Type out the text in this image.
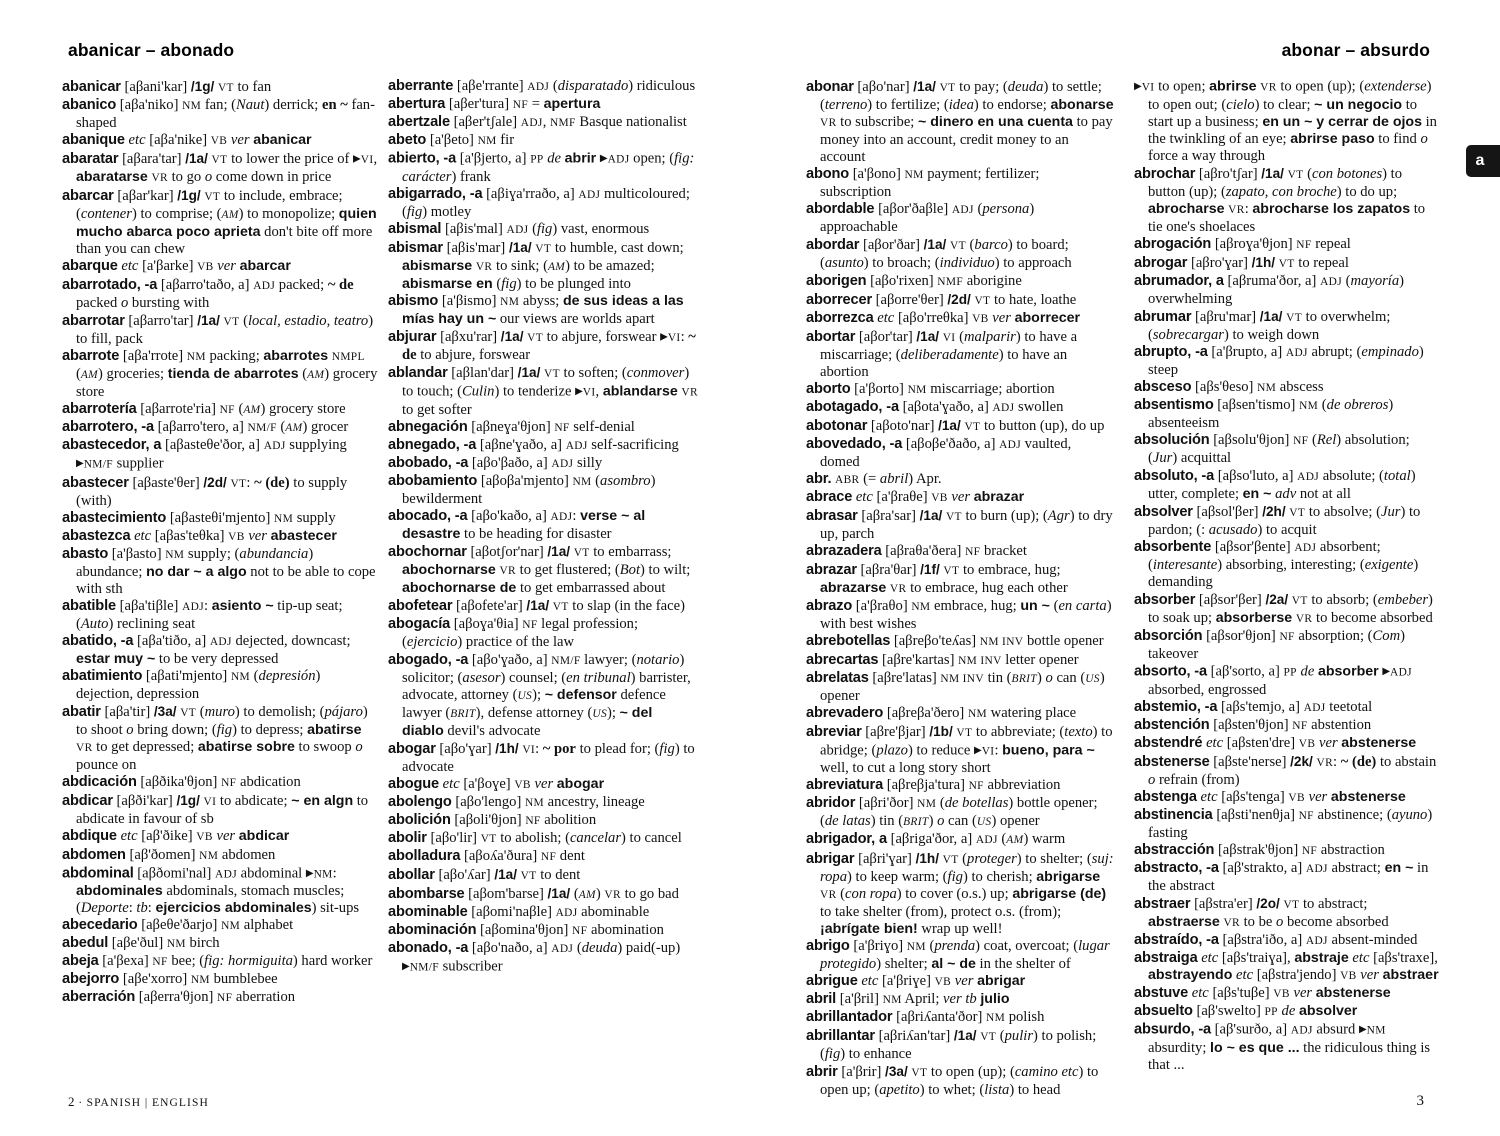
abanicar – abonado	abonar – absurdo
a

abanicar [aβani'kar] /1g/ VT to fan

abanico [aβa'niko] NM fan; (Naut) derrick; en ~ fan-shaped

abanique etc [aβa'nike] VB ver abanicar

abaratar [aβara'tar] /1a/ VT to lower the price of ▶VI, abaratarse VR to go o come down in price

abarcar [aβar'kar] /1g/ VT to include, embrace; (contener) to comprise; (AM) to monopolize; quien mucho abarca poco aprieta don't bite off more than you can chew

abarque etc [a'βarke] VB ver abarcar

abarrotado, -a [aβarro'taðo, a] ADJ packed; ~ de packed o bursting with

abarrotar [aβarro'tar] /1a/ VT (local, estadio, teatro) to fill, pack

abarrote [aβa'rrote] NM packing; abarrotes NMPL (AM) groceries; tienda de abarrotes (AM) grocery store

abarrotería [aβarrote'ria] NF (AM) grocery store

abarrotero, -a [aβarro'tero, a] NM/F (AM) grocer

abastecedor, a [aβasteθe'ðor, a] ADJ supplying ▶NM/F supplier

abastecer [aβaste'θer] /2d/ VT: ~ (de) to supply (with)

abastecimiento [aβasteθi'mjento] NM supply

abastezca etc [aβas'teθka] VB ver abastecer

abasto [a'βasto] NM supply; (abundancia) abundance; no dar ~ a algo not to be able to cope with sth

abatible [aβa'tiβle] ADJ: asiento ~ tip-up seat; (Auto) reclining seat

abatido, -a [aβa'tiðo, a] ADJ dejected, downcast; estar muy ~ to be very depressed

abatimiento [aβati'mjento] NM (depresión) dejection, depression

abatir [aβa'tir] /3a/ VT (muro) to demolish; (pájaro) to shoot o bring down; (fig) to depress; abatirse VR to get depressed; abatirse sobre to swoop o pounce on

abdicación [aβðika'θjon] NF abdication

abdicar [aβði'kar] /1g/ VI to abdicate; ~ en algn to abdicate in favour of sb

abdique etc [aβ'ðike] VB ver abdicar

abdomen [aβ'ðomen] NM abdomen

abdominal [aβðomi'nal] ADJ abdominal ▶NM: abdominales abdominals, stomach muscles; (Deporte: tb: ejercicios abdominales) sit-ups

abecedario [aβeθe'ðarjo] NM alphabet

abedul [aβe'ðul] NM birch

abeja [a'βexa] NF bee; (fig: hormiguita) hard worker

abejorro [aβe'xorro] NM bumblebee

aberración [aβerra'θjon] NF aberration

aberrante [aβe'rrante] ADJ (disparatado) ridiculous

abertura [aβer'tura] NF = apertura

abertzale [aβer'tʃale] ADJ, NMF Basque nationalist

abeto [a'βeto] NM fir

abierto, -a [a'βjerto, a] PP de abrir ▶ADJ open; (fig: carácter) frank

abigarrado, -a [aβiɣa'rraðo, a] ADJ multicoloured; (fig) motley

abismal [aβis'mal] ADJ (fig) vast, enormous

abismar [aβis'mar] /1a/ VT to humble, cast down; abismarse VR to sink; (AM) to be amazed; abismarse en (fig) to be plunged into

abismo [a'βismo] NM abyss; de sus ideas a las mías hay un ~ our views are worlds apart

abjurar [aβxu'rar] /1a/ VT to abjure, forswear ▶VI: ~ de to abjure, forswear

ablandar [aβlan'dar] /1a/ VT to soften; (conmover) to touch; (Culin) to tenderize ▶VI, ablandarse VR to get softer

abnegación [aβneɣa'θjon] NF self-denial

abnegado, -a [aβne'ɣaðo, a] ADJ self-sacrificing

abobado, -a [aβo'βaðo, a] ADJ silly

abobamiento [aβoβa'mjento] NM (asombro) bewilderment

abocado, -a [aβo'kaðo, a] ADJ: verse ~ al desastre to be heading for disaster

abochornar [aβotʃor'nar] /1a/ VT to embarrass; abochornarse VR to get flustered; (Bot) to wilt; abochornarse de to get embarrassed about

abofetear [aβofete'ar] /1a/ VT to slap (in the face)

abogacía [aβoɣa'θia] NF legal profession; (ejercicio) practice of the law

abogado, -a [aβo'ɣaðo, a] NM/F lawyer; (notario) solicitor; (asesor) counsel; (en tribunal) barrister, advocate, attorney (US); ~ defensor defence lawyer (BRIT), defense attorney (US); ~ del diablo devil's advocate

abogar [aβo'ɣar] /1h/ VI: ~ por to plead for; (fig) to advocate

abogue etc [a'βoɣe] VB ver abogar

abolengo [aβo'lengo] NM ancestry, lineage

abolición [aβoli'θjon] NF abolition

abolir [aβo'lir] VT to abolish; (cancelar) to cancel

abolladura [aβoʎa'ðura] NF dent

abollar [aβo'ʎar] /1a/ VT to dent

abombarse [aβom'barse] /1a/ (AM) VR to go bad

abominable [aβomi'naβle] ADJ abominable

abominación [aβomina'θjon] NF abomination

abonado, -a [aβo'naðo, a] ADJ (deuda) paid(-up) ▶NM/F subscriber

abonar [aβo'nar] /1a/ VT to pay; (deuda) to settle; (terreno) to fertilize; (idea) to endorse; abonarse VR to subscribe; ~ dinero en una cuenta to pay money into an account, credit money to an account

abono [a'βono] NM payment; fertilizer; subscription

abordable [aβor'ðaβle] ADJ (persona) approachable

abordar [aβor'ðar] /1a/ VT (barco) to board; (asunto) to broach; (individuo) to approach

aborigen [aβo'rixen] NMF aborigine

aborrecer [aβorre'θer] /2d/ VT to hate, loathe

aborrezca etc [aβo'rreθka] VB ver aborrecer

abortar [aβor'tar] /1a/ VI (malparir) to have a miscarriage; (deliberadamente) to have an abortion

aborto [a'βorto] NM miscarriage; abortion

abotagado, -a [aβota'ɣaðo, a] ADJ swollen

abotonar [aβoto'nar] /1a/ VT to button (up), do up

abovedado, -a [aβoβe'ðaðo, a] ADJ vaulted, domed

abr. ABR (= abril) Apr.

abrace etc [a'βraθe] VB ver abrazar

abrasar [aβra'sar] /1a/ VT to burn (up); (Agr) to dry up, parch

abrazadera [aβraθa'ðera] NF bracket

abrazar [aβra'θar] /1f/ VT to embrace, hug; abrazarse VR to embrace, hug each other

abrazo [a'βraθo] NM embrace, hug; un ~ (en carta) with best wishes

abrebotellas [aβreβo'teʎas] NM INV bottle opener

abrecartas [aβre'kartas] NM INV letter opener

abrelatas [aβre'latas] NM INV tin (BRIT) o can (US) opener

abrevadero [aβreβa'ðero] NM watering place

abreviar [aβre'βjar] /1b/ VT to abbreviate; (texto) to abridge; (plazo) to reduce ▶VI: bueno, para ~ well, to cut a long story short

abreviatura [aβreβja'tura] NF abbreviation

abridor [aβri'ðor] NM (de botellas) bottle opener; (de latas) tin (BRIT) o can (US) opener

abrigador, a [aβriga'ðor, a] ADJ (AM) warm

abrigar [aβri'ɣar] /1h/ VT (proteger) to shelter; (suj: ropa) to keep warm; (fig) to cherish; abrigarse VR (con ropa) to cover (o.s.) up; abrigarse (de) to take shelter (from), protect o.s. (from); ¡abrígate bien! wrap up well!

abrigo [a'βriɣo] NM (prenda) coat, overcoat; (lugar protegido) shelter; al ~ de in the shelter of

abrigue etc [a'βriɣe] VB ver abrigar

abril [a'βril] NM April; ver tb julio

abrillantador [aβriʎanta'ðor] NM polish

abrillantar [aβriʎan'tar] /1a/ VT (pulir) to polish; (fig) to enhance

abrir [a'βrir] /3a/ VT to open (up); (camino etc) to open up; (apetito) to whet; (lista) to head

▶VI to open; abrirse VR to open (up); (extenderse) to open out; (cielo) to clear; ~ un negocio to start up a business; en un ~ y cerrar de ojos in the twinkling of an eye; abrirse paso to find o force a way through

abrochar [aβro'tʃar] /1a/ VT (con botones) to button (up); (zapato, con broche) to do up; abrocharse VR: abrocharse los zapatos to tie one's shoelaces

abrogación [aβroɣa'θjon] NF repeal

abrogar [aβro'ɣar] /1h/ VT to repeal

abrumador, a [aβruma'ðor, a] ADJ (mayoría) overwhelming

abrumar [aβru'mar] /1a/ VT to overwhelm; (sobrecargar) to weigh down

abrupto, -a [a'βrupto, a] ADJ abrupt; (empinado) steep

absceso [aβs'θeso] NM abscess

absentismo [aβsen'tismo] NM (de obreros) absenteeism

absolución [aβsolu'θjon] NF (Rel) absolution; (Jur) acquittal

absoluto, -a [aβso'luto, a] ADJ absolute; (total) utter, complete; en ~ adv not at all

absolver [aβsol'βer] /2h/ VT to absolve; (Jur) to pardon; (: acusado) to acquit

absorbente [aβsor'βente] ADJ absorbent; (interesante) absorbing, interesting; (exigente) demanding

absorber [aβsor'βer] /2a/ VT to absorb; (embeber) to soak up; absorberse VR to become absorbed

absorción [aβsor'θjon] NF absorption; (Com) takeover

absorto, -a [aβ'sorto, a] PP de absorber ▶ADJ absorbed, engrossed

abstemio, -a [aβs'temjo, a] ADJ teetotal

abstención [aβsten'θjon] NF abstention

abstendré etc [aβsten'dre] VB ver abstenerse

abstenerse [aβste'nerse] /2k/ VR: ~ (de) to abstain o refrain (from)

abstenga etc [aβs'tenga] VB ver abstenerse

abstinencia [aβsti'nenθja] NF abstinence; (ayuno) fasting

abstracción [aβstrak'θjon] NF abstraction

abstracto, -a [aβ'strakto, a] ADJ abstract; en ~ in the abstract

abstraer [aβstra'er] /2o/ VT to abstract; abstraerse VR to be o become absorbed

abstraído, -a [aβstra'iðo, a] ADJ absent-minded

abstraiga etc [aβs'traiɣa], abstraje etc [aβs'traxe], abstrayendo etc [aβstra'jendo] VB ver abstraer

abstuve etc [aβs'tuβe] VB ver abstenerse

absuelto [aβ'swelto] PP de absolver

absurdo, -a [aβ'surðo, a] ADJ absurd ▶NM absurdity; lo ~ es que ... the ridiculous thing is that ...

2 · SPANISH | ENGLISH	3
